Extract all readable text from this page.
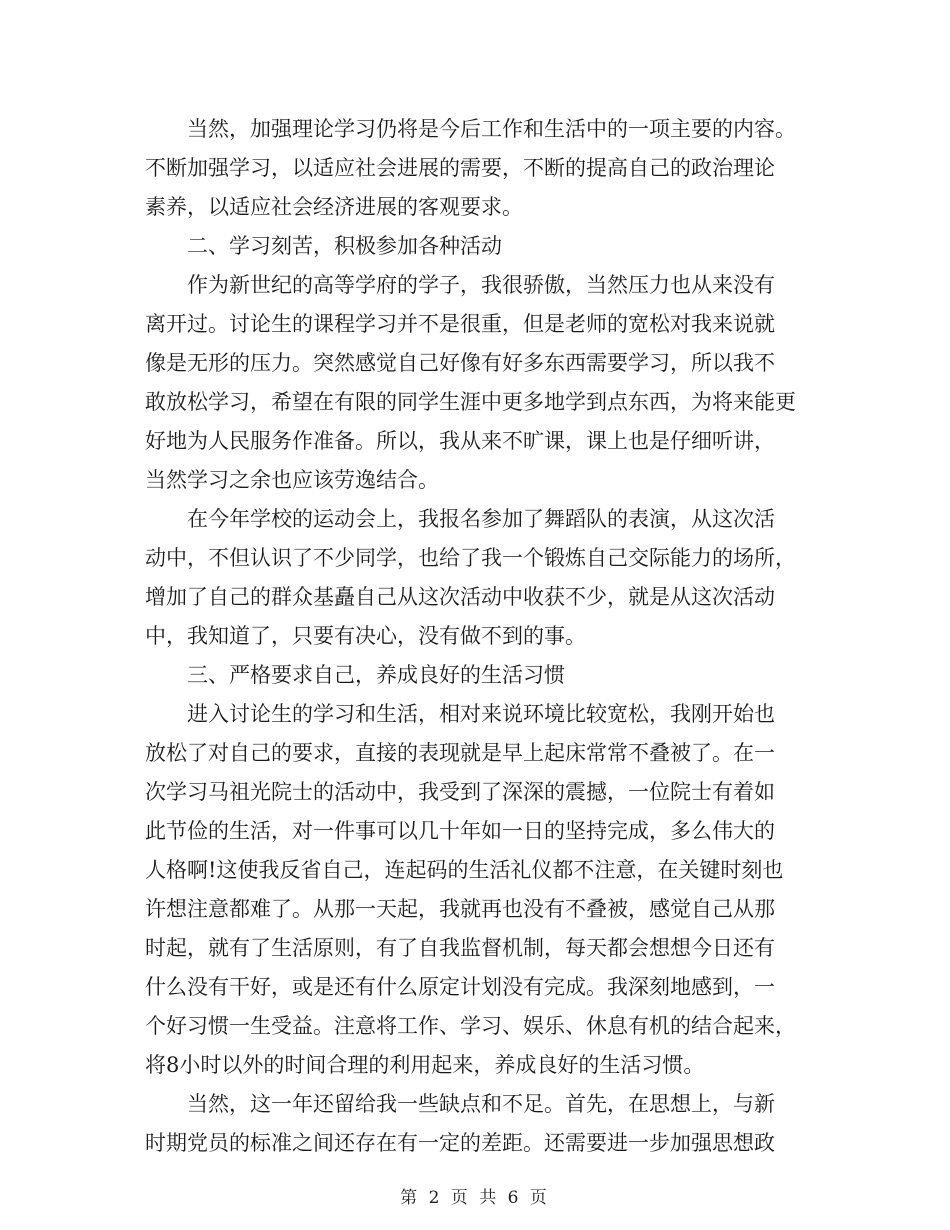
当然，加强理论学习仍将是今后工作和生活中的一项主要的内容。
不断加强学习，以适应社会进展的需要，不断的提高自己的政治理论
素养，以适应社会经济进展的客观要求。
二、学习刻苦，积极参加各种活动
作为新世纪的高等学府的学子，我很骄傲，当然压力也从来没有
离开过。讨论生的课程学习并不是很重，但是老师的宽松对我来说就
像是无形的压力。突然感觉自己好像有好多东西需要学习，所以我不
敢放松学习，希望在有限的同学生涯中更多地学到点东西，为将来能更
好地为人民服务作准备。所以，我从来不旷课，课上也是仔细听讲，
当然学习之余也应该劳逸结合。
在今年学校的运动会上，我报名参加了舞蹈队的表演，从这次活
动中，不但认识了不少同学，也给了我一个锻炼自己交际能力的场所，
增加了自己的群众基矗自己从这次活动中收获不少，就是从这次活动
中，我知道了，只要有决心，没有做不到的事。
三、严格要求自己，养成良好的生活习惯
进入讨论生的学习和生活，相对来说环境比较宽松，我刚开始也
放松了对自己的要求，直接的表现就是早上起床常常不叠被了。在一
次学习马祖光院士的活动中，我受到了深深的震撼，一位院士有着如
此节俭的生活，对一件事可以几十年如一日的坚持完成，多么伟大的
人格啊!这使我反省自己，连起码的生活礼仪都不注意，在关键时刻也
许想注意都难了。从那一天起，我就再也没有不叠被，感觉自己从那
时起，就有了生活原则，有了自我监督机制，每天都会想想今日还有
什么没有干好，或是还有什么原定计划没有完成。我深刻地感到，一
个好习惯一生受益。注意将工作、学习、娱乐、休息有机的结合起来，
将8小时以外的时间合理的利用起来，养成良好的生活习惯。
当然，这一年还留给我一些缺点和不足。首先，在思想上，与新
时期党员的标准之间还存在有一定的差距。还需要进一步加强思想政
第 2 页 共 6 页
